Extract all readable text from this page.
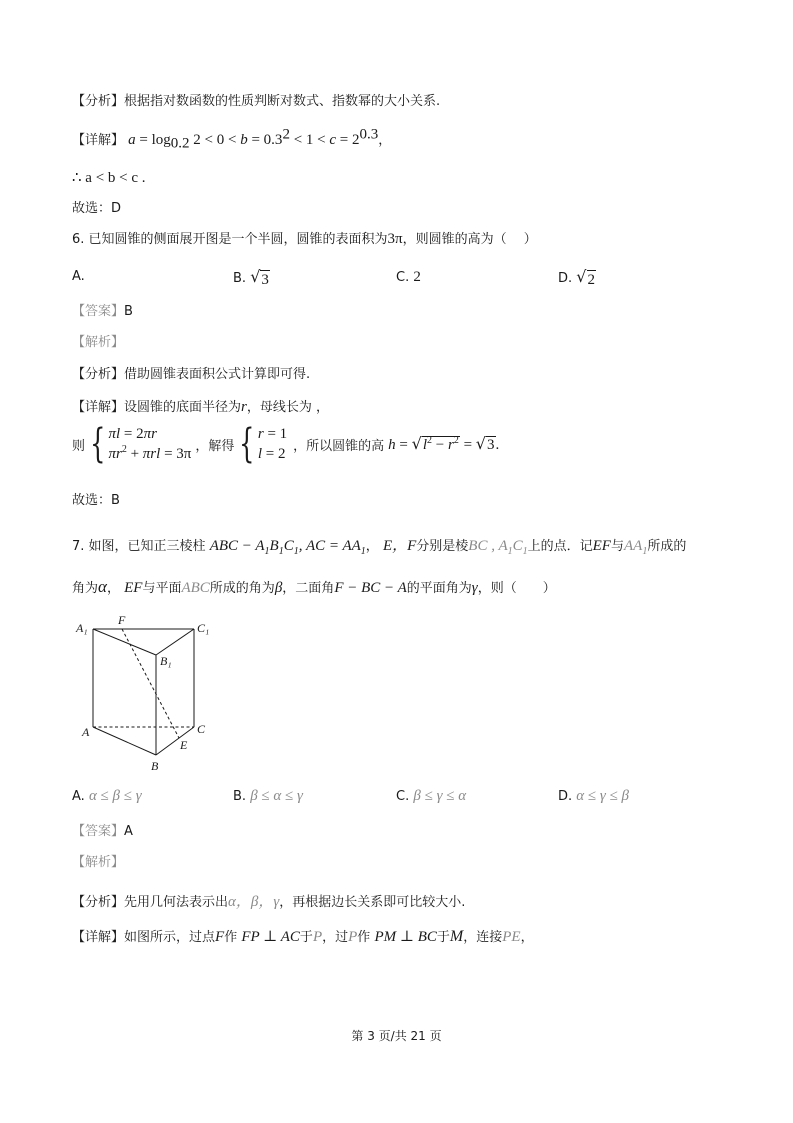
【分析】根据指对数函数的性质判断对数式、指数幂的大小关系.
【详解】 $a = \log_{0.2} 2 < 0 < b = 0.3^2 < 1 < c = 2^{0.3}$，
∴ a < b < c .
故选：D
6. 已知圆锥的侧面展开图是一个半圆，圆锥的表面积为3π，则圆锥的高为（　 ）
A.	B. √ 3	C. 2	D. √ 2
【答案】B
【解析】
【分析】借助圆锥表面积公式计算即可得.
【详解】设圆锥的底面半径为r，母线长为 ，
则 { πl = 2πr
$\pi r^2 + \pi rl = 3\pi$ ，解得 { r = 1
l = 2 ，所以圆锥的高 h = √ $l^2 - r^2$ = √ 3 .
故选：B
7. 如图，已知正三棱柱 ABC − $A_1B_1C_1$, AC = $AA_1$， E，F分别是棱BC , $A_1C_1$上的点．记EF与$AA_1$所成的
角为α， EF与平面ABC所成的角为β，二面角F − BC − A的平面角为γ，则（　　）
A₁
F
C₁
B₁
A	C
E
B
A. α ≤ β ≤ γ	B. β ≤ α ≤ γ	C. β ≤ γ ≤ α	D. α ≤ γ ≤ β
【答案】A
【解析】
【分析】先用几何法表示出α，β，γ，再根据边长关系即可比较大小.
【详解】如图所示，过点F作 FP ⊥ AC于P，过P作 PM ⊥ BC于M，连接PE，
第 3 页/共 21 页
